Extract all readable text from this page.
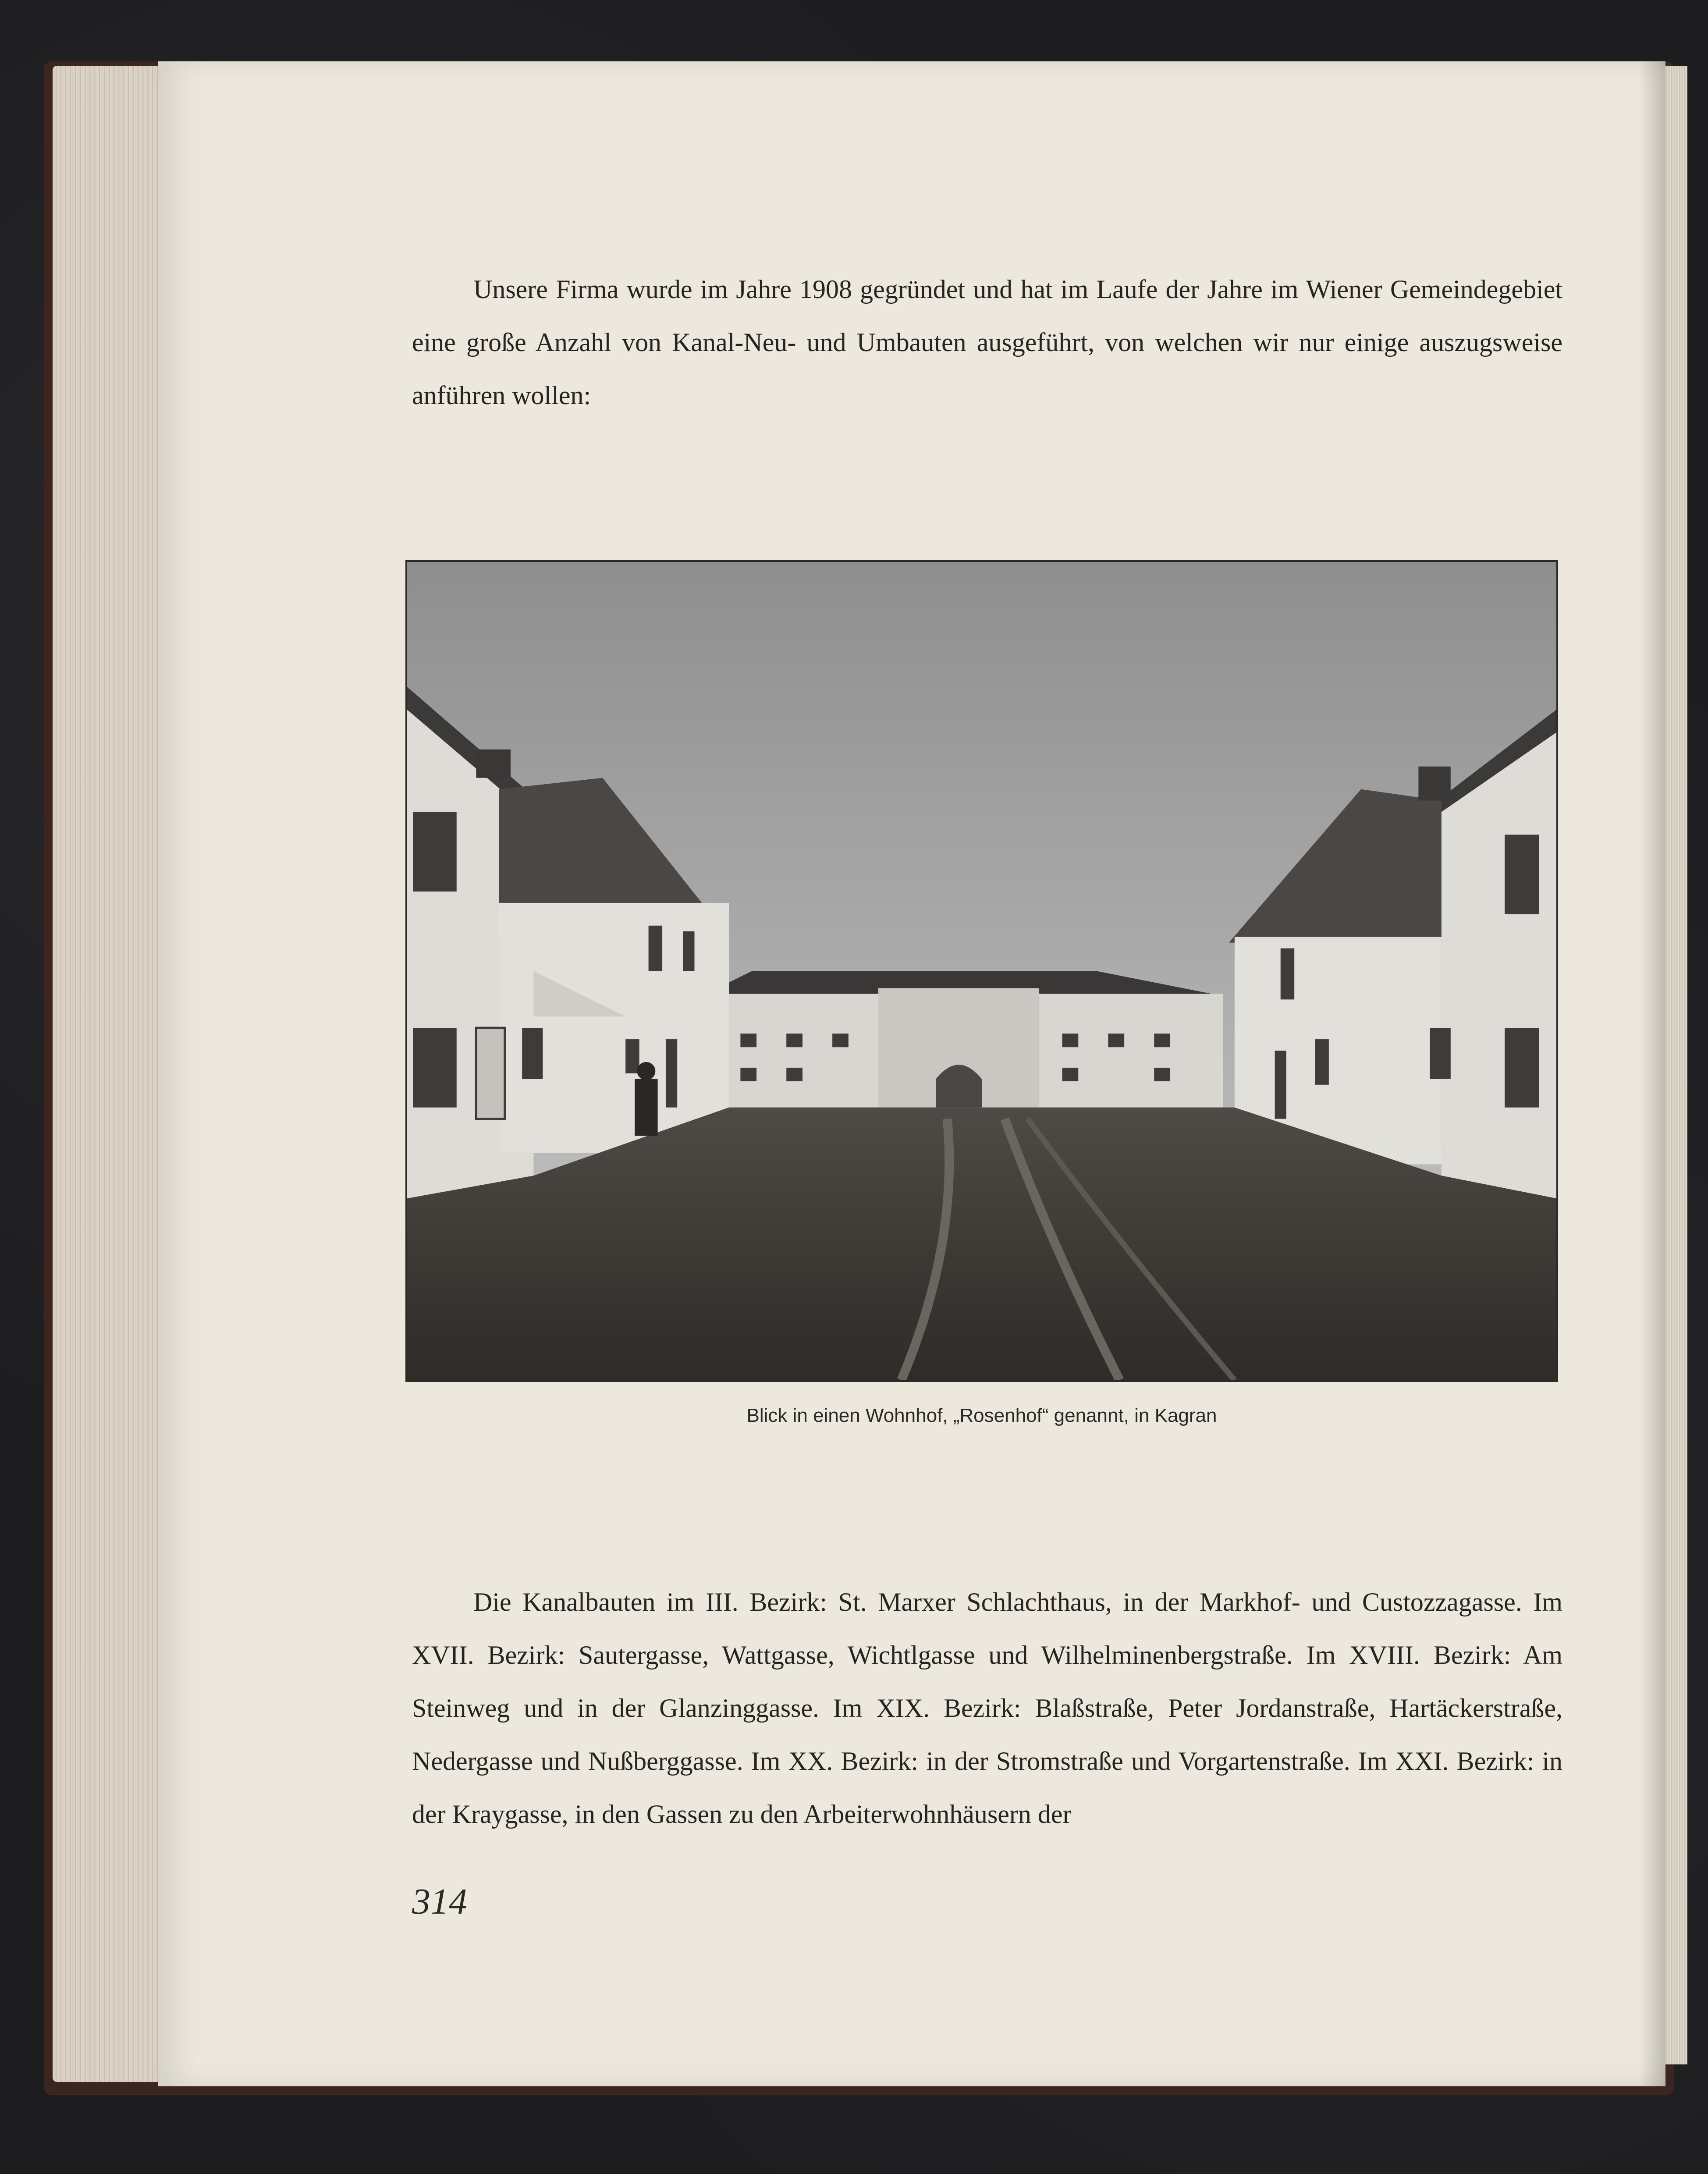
Unsere Firma wurde im Jahre 1908 gegründet und hat im Laufe der Jahre im Wiener Gemeindegebiet eine große Anzahl von Kanal-Neu- und Umbauten ausgeführt, von welchen wir nur einige auszugsweise anführen wollen:

Blick in einen Wohnhof, „Rosenhof“ genannt, in Kagran

Die Kanalbauten im III. Bezirk: St. Marxer Schlachthaus, in der Markhof- und Custozzagasse. Im XVII. Bezirk: Sautergasse, Wattgasse, Wichtlgasse und Wilhelminenbergstraße. Im XVIII. Bezirk: Am Steinweg und in der Glanzinggasse. Im XIX. Bezirk: Blaßstraße, Peter Jordanstraße, Hartäckerstraße, Nedergasse und Nußberggasse. Im XX. Bezirk: in der Stromstraße und Vorgartenstraße. Im XXI. Bezirk: in der Kraygasse, in den Gassen zu den Arbeiterwohnhäusern der

314
